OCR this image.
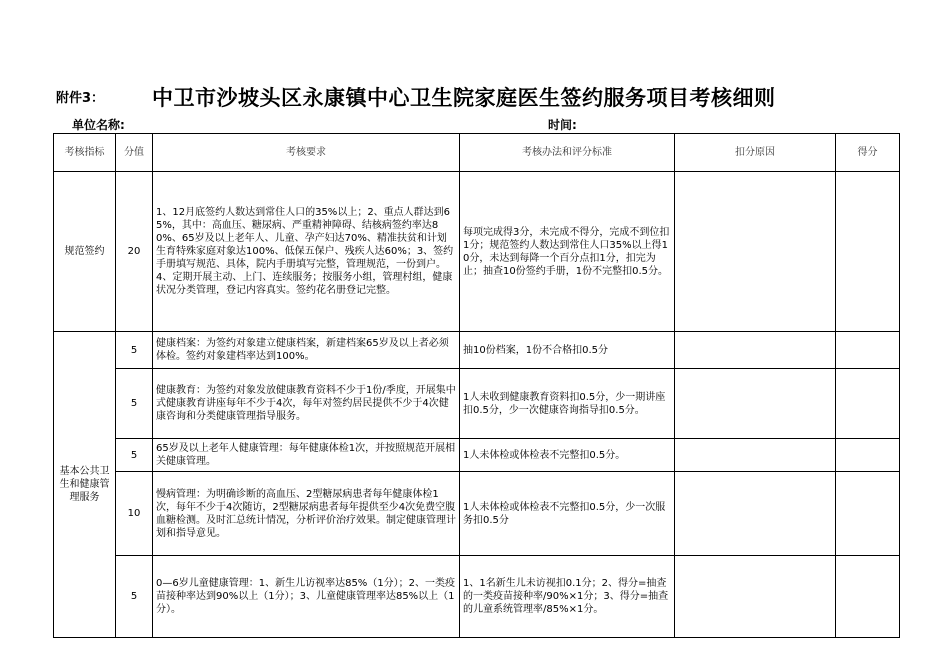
附件3： 中卫市沙坡头区永康镇中心卫生院家庭医生签约服务项目考核细则
单位名称:	时间:
考核指标	分值	考核要求	考核办法和评分标准	扣分原因	得分
规范签约	20	1、12月底签约人数达到常住人口的35%以上；2、重点人群达到65%，其中：高血压、糖尿病、严重精神障碍、结核病签约率达80%、65岁及以上老年人、儿童、孕产妇达70%、精准扶贫和计划生育特殊家庭对象达100%、低保五保户、残疾人达60%；3、签约手册填写规范、具体，院内手册填写完整，管理规范，一份到户。4、定期开展主动、上门、连续服务；按服务小组，管理村组，健康状况分类管理，登记内容真实。签约花名册登记完整。	每项完成得3分，未完成不得分，完成不到位扣1分；规范签约人数达到常住人口35%以上得10分，未达到每降一个百分点扣1分，扣完为止；抽查10份签约手册，1份不完整扣0.5分。		
基本公共卫生和健康管理服务	5	健康档案：为签约对象建立健康档案，新建档案65岁及以上者必须体检。签约对象建档率达到100%。	抽10份档案，1份不合格扣0.5分		
	5	健康教育：为签约对象发放健康教育资料不少于1份/季度，开展集中式健康教育讲座每年不少于4次，每年对签约居民提供不少于4次健康咨询和分类健康管理指导服务。	1人未收到健康教育资料扣0.5分，少一期讲座扣0.5分，少一次健康咨询指导扣0.5分。		
	5	65岁及以上老年人健康管理：每年健康体检1次，并按照规范开展相关健康管理。	1人未体检或体检表不完整扣0.5分。		
	10	慢病管理：为明确诊断的高血压、2型糖尿病患者每年健康体检1次，每年不少于4次随访，2型糖尿病患者每年提供至少4次免费空腹血糖检测。及时汇总统计情况，分析评价治疗效果。制定健康管理计划和指导意见。	1人未体检或体检表不完整扣0.5分，少一次服务扣0.5分		
	5	0—6岁儿童健康管理：1、新生儿访视率达85%（1分）；2、一类疫苗接种率达到90%以上（1分）；3、儿童健康管理率达85%以上（1分）。	1、1名新生儿未访视扣0.1分；2、得分=抽查的一类疫苗接种率/90%×1分；3、得分=抽查的儿童系统管理率/85%×1分。		
